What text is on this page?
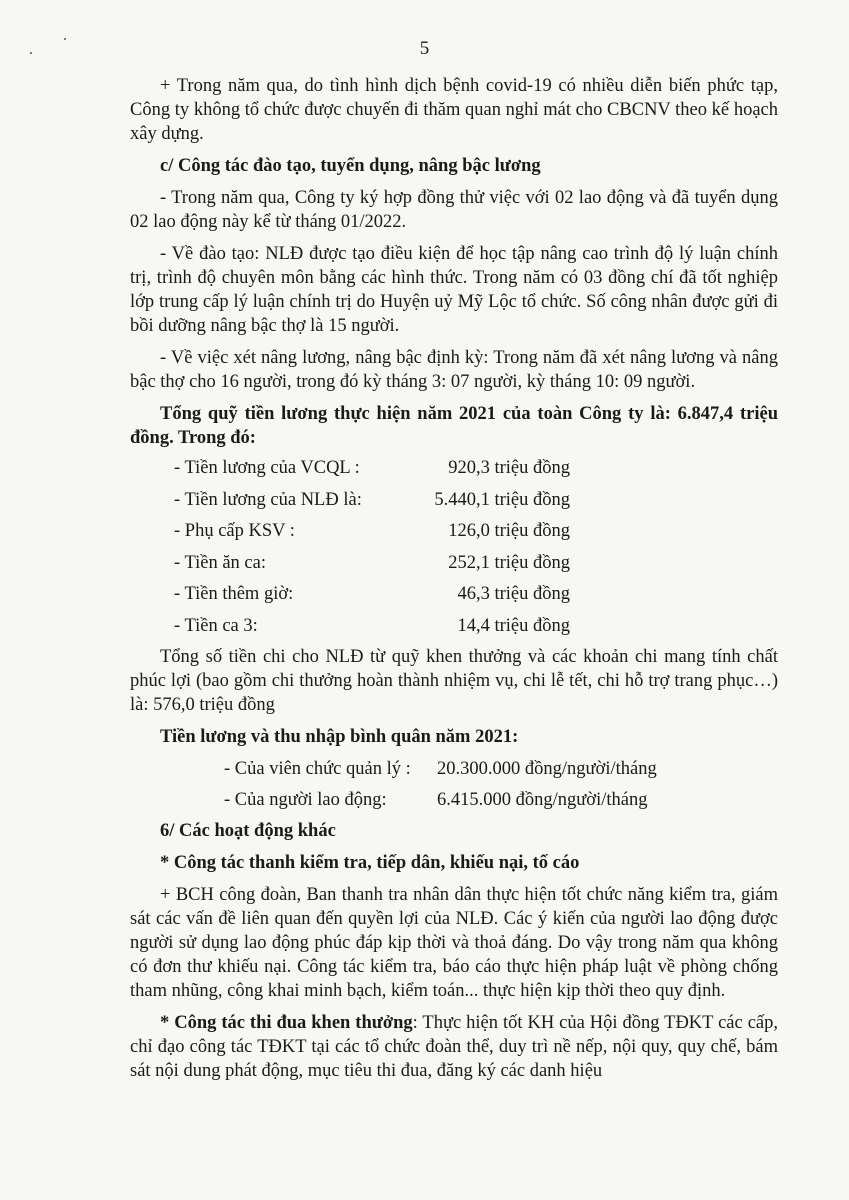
5

+ Trong năm qua, do tình hình dịch bệnh covid-19 có nhiều diễn biến phức tạp, Công ty không tổ chức được chuyến đi thăm quan nghỉ mát cho CBCNV theo kế hoạch xây dựng.

c/ Công tác đào tạo, tuyển dụng, nâng bậc lương

- Trong năm qua, Công ty ký hợp đồng thử việc với 02 lao động và đã tuyển dụng 02 lao động này kể từ tháng 01/2022.

- Về đào tạo: NLĐ được tạo điều kiện để học tập nâng cao trình độ lý luận chính trị, trình độ chuyên môn bằng các hình thức. Trong năm có 03 đồng chí đã tốt nghiệp lớp trung cấp lý luận chính trị do Huyện uỷ Mỹ Lộc tổ chức. Số công nhân được gửi đi bồi dưỡng nâng bậc thợ là 15 người.

- Về việc xét nâng lương, nâng bậc định kỳ: Trong năm đã xét nâng lương và nâng bậc thợ cho 16 người, trong đó kỳ tháng 3: 07 người, kỳ tháng 10: 09 người.

Tổng quỹ tiền lương thực hiện năm 2021 của toàn Công ty là: 6.847,4 triệu đồng. Trong đó:

- Tiền lương của VCQL :	920,3 triệu đồng
- Tiền lương của NLĐ là:	5.440,1 triệu đồng
- Phụ cấp KSV :	126,0 triệu đồng
- Tiền ăn ca:	252,1 triệu đồng
- Tiền thêm giờ:	46,3 triệu đồng
- Tiền ca 3:	14,4 triệu đồng

Tổng số tiền chi cho NLĐ từ quỹ khen thưởng và các khoản chi mang tính chất phúc lợi (bao gồm chi thưởng hoàn thành nhiệm vụ, chi lễ tết, chi hỗ trợ trang phục…) là: 576,0 triệu đồng

Tiền lương và thu nhập bình quân năm 2021:

- Của viên chức quản lý :	20.300.000 đồng/người/tháng
- Của người lao động:	6.415.000 đồng/người/tháng

6/ Các hoạt động khác

* Công tác thanh kiểm tra, tiếp dân, khiếu nại, tố cáo

+ BCH công đoàn, Ban thanh tra nhân dân thực hiện tốt chức năng kiểm tra, giám sát các vấn đề liên quan đến quyền lợi của NLĐ. Các ý kiến của người lao động được người sử dụng lao động phúc đáp kịp thời và thoả đáng. Do vậy trong năm qua không có đơn thư khiếu nại. Công tác kiểm tra, báo cáo thực hiện pháp luật về phòng chống tham nhũng, công khai minh bạch, kiểm toán... thực hiện kịp thời theo quy định.

* Công tác thi đua khen thưởng: Thực hiện tốt KH của Hội đồng TĐKT các cấp, chỉ đạo công tác TĐKT tại các tổ chức đoàn thể, duy trì nề nếp, nội quy, quy chế, bám sát nội dung phát động, mục tiêu thi đua, đăng ký các danh hiệu
